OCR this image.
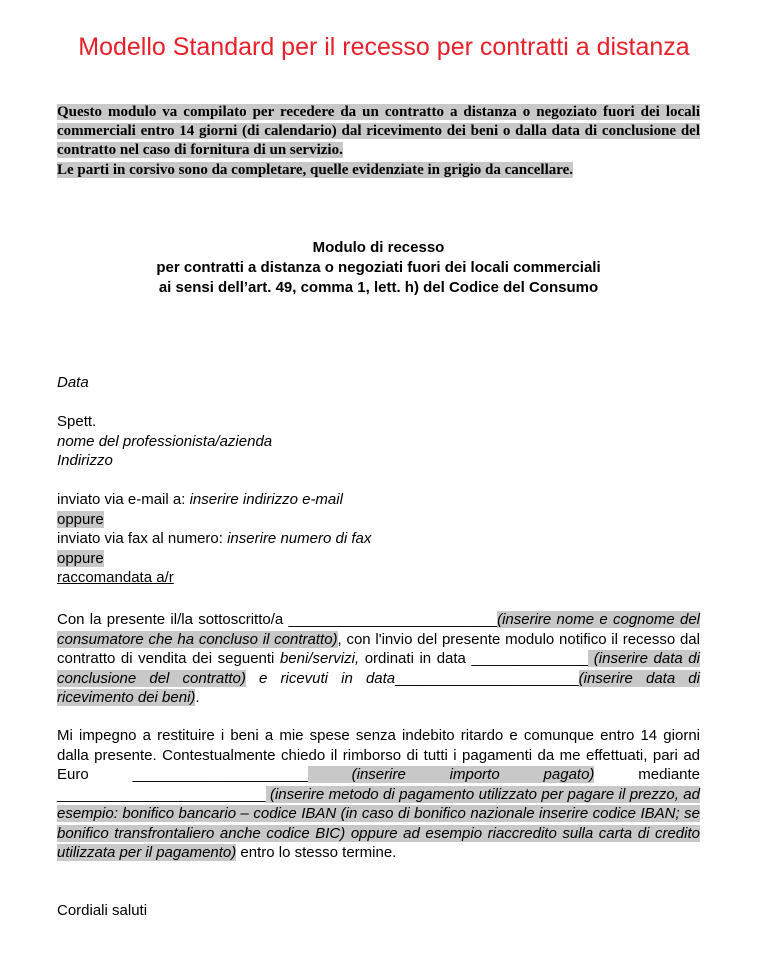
Modello Standard per il recesso per contratti a distanza

Questo modulo va compilato per recedere da un contratto a distanza o negoziato fuori dei locali commerciali entro 14 giorni (di calendario) dal ricevimento dei beni o dalla data di conclusione del contratto nel caso di fornitura di un servizio.

Le parti in corsivo sono da completare, quelle evidenziate in grigio da cancellare.

Modulo di recesso
per contratti a distanza o negoziati fuori dei locali commerciali
ai sensi dell’art. 49, comma 1, lett. h) del Codice del Consumo
Data
Spett.
nome del professionista/azienda
Indirizzo
inviato via e-mail a: inserire indirizzo e-mail
oppure
inviato via fax al numero: inserire numero di fax
oppure
raccomandata a/r

Con la presente il/la sottoscritto/a _________________________(inserire nome e cognome del consumatore che ha concluso il contratto), con l'invio del presente modulo notifico il recesso dal contratto di vendita dei seguenti beni/servizi, ordinati in data ______________ (inserire data di conclusione del contratto) e ricevuti in data______________________(inserire data di ricevimento dei beni).

Mi impegno a restituire i beni a mie spese senza indebito ritardo e comunque entro 14 giorni dalla presente. Contestualmente chiedo il rimborso di tutti i pagamenti da me effettuati, pari ad Euro _____________________ (inserire importo pagato) mediante _________________________ (inserire metodo di pagamento utilizzato per pagare il prezzo, ad esempio: bonifico bancario – codice IBAN (in caso di bonifico nazionale inserire codice IBAN; se bonifico transfrontaliero anche codice BIC) oppure ad esempio riaccredito sulla carta di credito utilizzata per il pagamento) entro lo stesso termine.

Cordiali saluti
